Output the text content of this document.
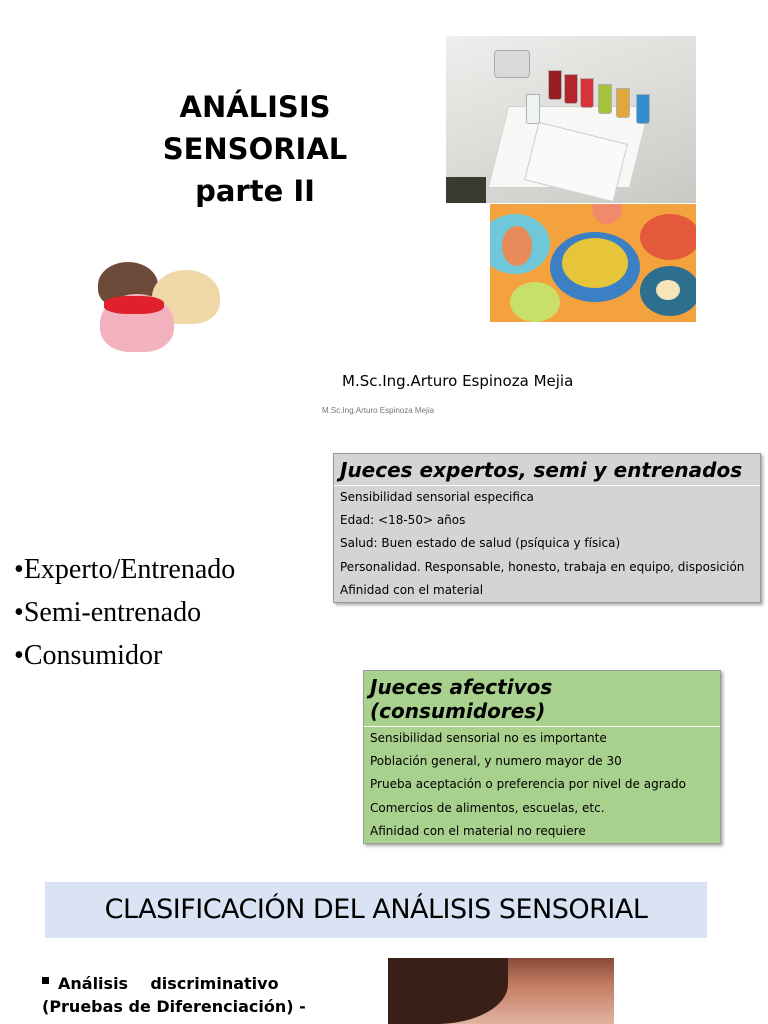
ANÁLISIS
SENSORIAL
parte II
M.Sc.Ing.Arturo Espinoza Mejia
M.Sc.Ing.Arturo Espinoza Mejia
•Experto/Entrenado
•Semi-entrenado
•Consumidor
Jueces expertos, semi y entrenados
Sensibilidad sensorial especifica
Edad: <18-50> años
Salud: Buen estado de salud (psíquica y física)
Personalidad. Responsable, honesto, trabaja en equipo, disposición
Afinidad con el material
Jueces afectivos (consumidores)
Sensibilidad sensorial no es importante
Población general, y numero mayor de 30
Prueba aceptación o preferencia por nivel de agrado
Comercios de alimentos, escuelas, etc.
Afinidad con el material no requiere
CLASIFICACIÓN DEL ANÁLISIS SENSORIAL
Análisis    discriminativo    (Pruebas de Diferenciación) -
